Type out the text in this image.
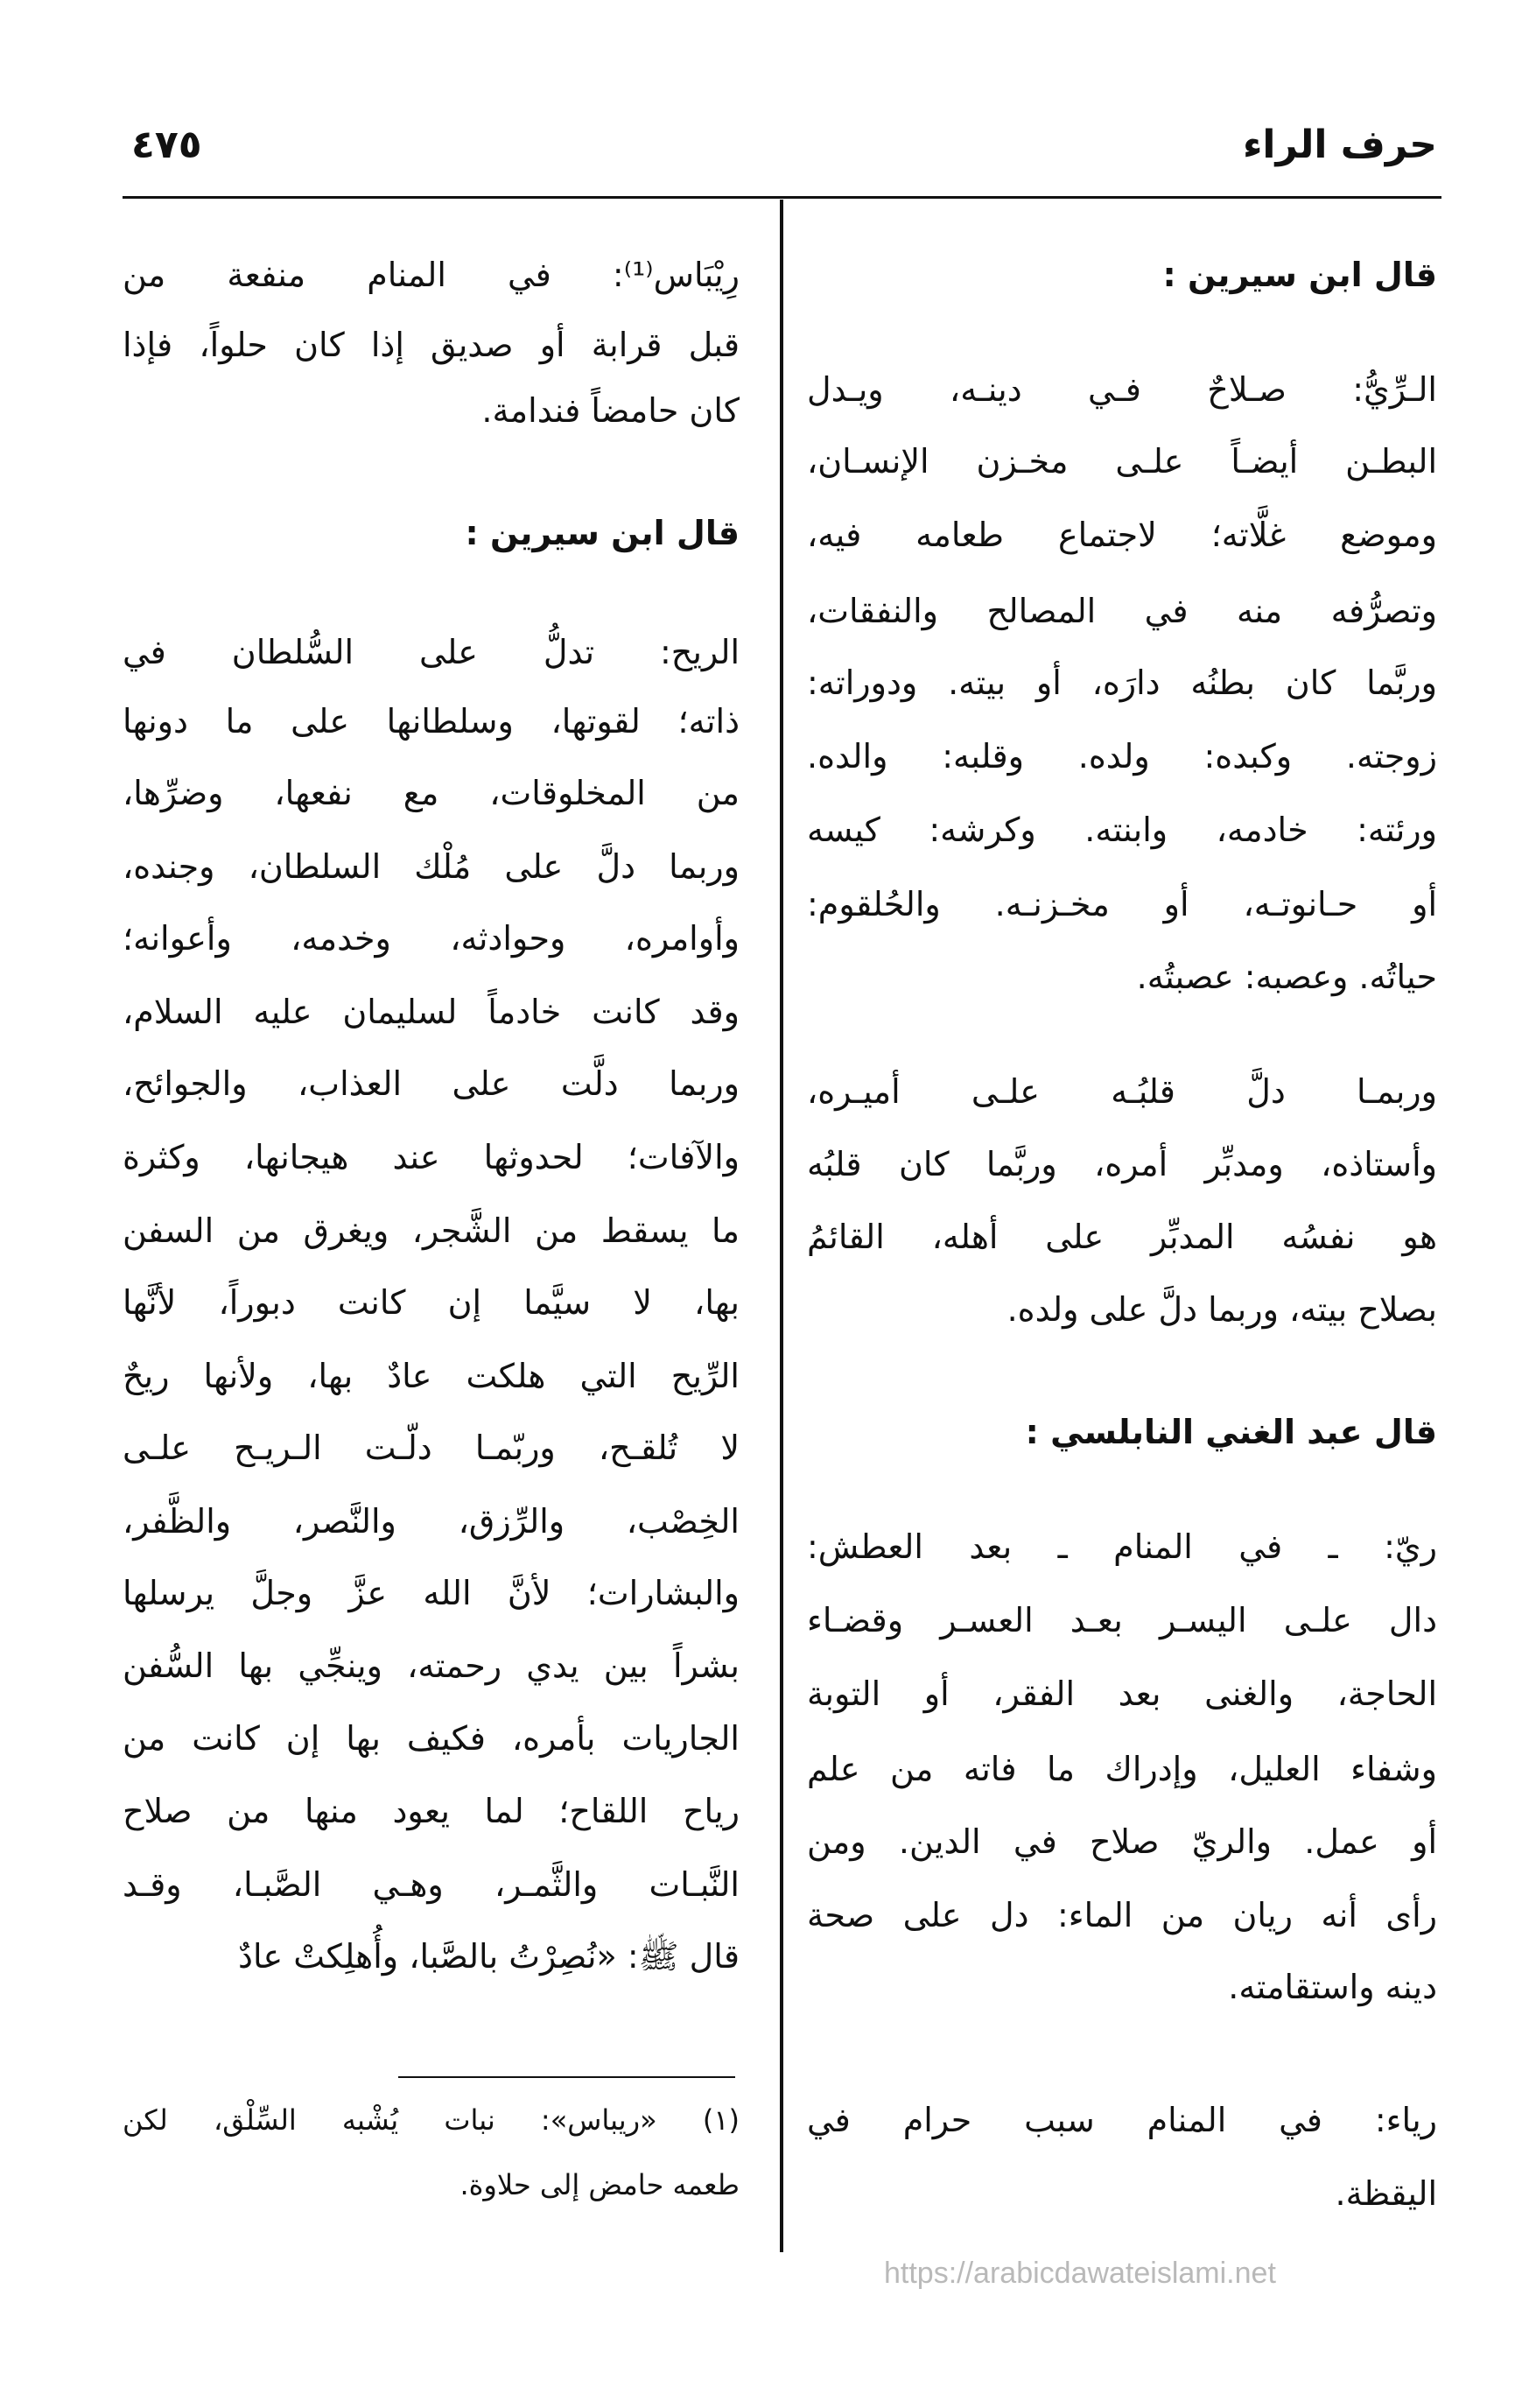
٤٧٥	حرف الراء
قال ابن سيرين :
الـرِّيُّ: صـلاحٌ فـي دينـه، ويـدل
البطـن أيضـاً علـى مخـزن الإنسـان،
وموضع غلَّاته؛ لاجتماع طعامه فيه،
وتصرُّفه منه في المصالح والنفقات،
وربَّما كان بطنُه دارَه، أو بيته. ودوراته:
زوجته. وكبده: ولده. وقلبه: والده.
ورئته: خادمه، وابنته. وكرشه: كيسه
أو حـانوتـه، أو مخـزنـه. والحُلقوم:
حياتُه. وعصبه: عصبتُه.
وربمـا دلَّ قلبُـه علـى أميـره،
وأستاذه، ومدبِّر أمره، وربَّما كان قلبُه
هو نفسُه المدبِّر على أهله، القائمُ
بصلاح بيته، وربما دلَّ على ولده.
قال عبد الغني النابلسي :
ريّ: ـ في المنام ـ بعد العطش:
دال علـى اليسـر بعـد العسـر وقضـاء
الحاجة، والغنى بعد الفقر، أو التوبة
وشفاء العليل، وإدراك ما فاته من علم
أو عمل. والريّ صلاح في الدين. ومن
رأى أنه ريان من الماء: دل على صحة
دينه واستقامته.
رياء: في المنام سبب حرام في
اليقظة.
رِيْبَاس⁽¹⁾: في المنام منفعة من
قبل قرابة أو صديق إذا كان حلواً، فإذا
كان حامضاً فندامة.
قال ابن سيرين :
الريح: تدلُّ على السُّلطان في
ذاته؛ لقوتها، وسلطانها على ما دونها
من المخلوقات، مع نفعها، وضرِّها،
وربما دلَّ على مُلْك السلطان، وجنده،
وأوامره، وحوادثه، وخدمه، وأعوانه؛
وقد كانت خادماً لسليمان عليه السلام،
وربما دلَّت على العذاب، والجوائح،
والآفات؛ لحدوثها عند هيجانها، وكثرة
ما يسقط من الشَّجر، ويغرق من السفن
بها، لا سيَّما إن كانت دبوراً، لأنَّها
الرِّيح التي هلكت عادٌ بها، ولأنها ريحٌ
لا تُلقـح، وربّمـا دلّـت الـريـح علـى
الخِصْب، والرِّزق، والنَّصر، والظَّفر،
والبشارات؛ لأنَّ الله عزَّ وجلَّ يرسلها
بشراً بين يدي رحمته، وينجِّي بها السُّفن
الجاريات بأمره، فكيف بها إن كانت من
رياح اللقاح؛ لما يعود منها من صلاح
النَّبـات والثَّمـر، وهـي الصَّبـا، وقـد
قال ﷺ: «نُصِرْتُ بالصَّبا، وأُهلِكتْ عادٌ
(١) «ريباس»: نبات يُشْبه السِّلْق، لكن
طعمه حامض إلى حلاوة.
https://arabicdawateislami.net
